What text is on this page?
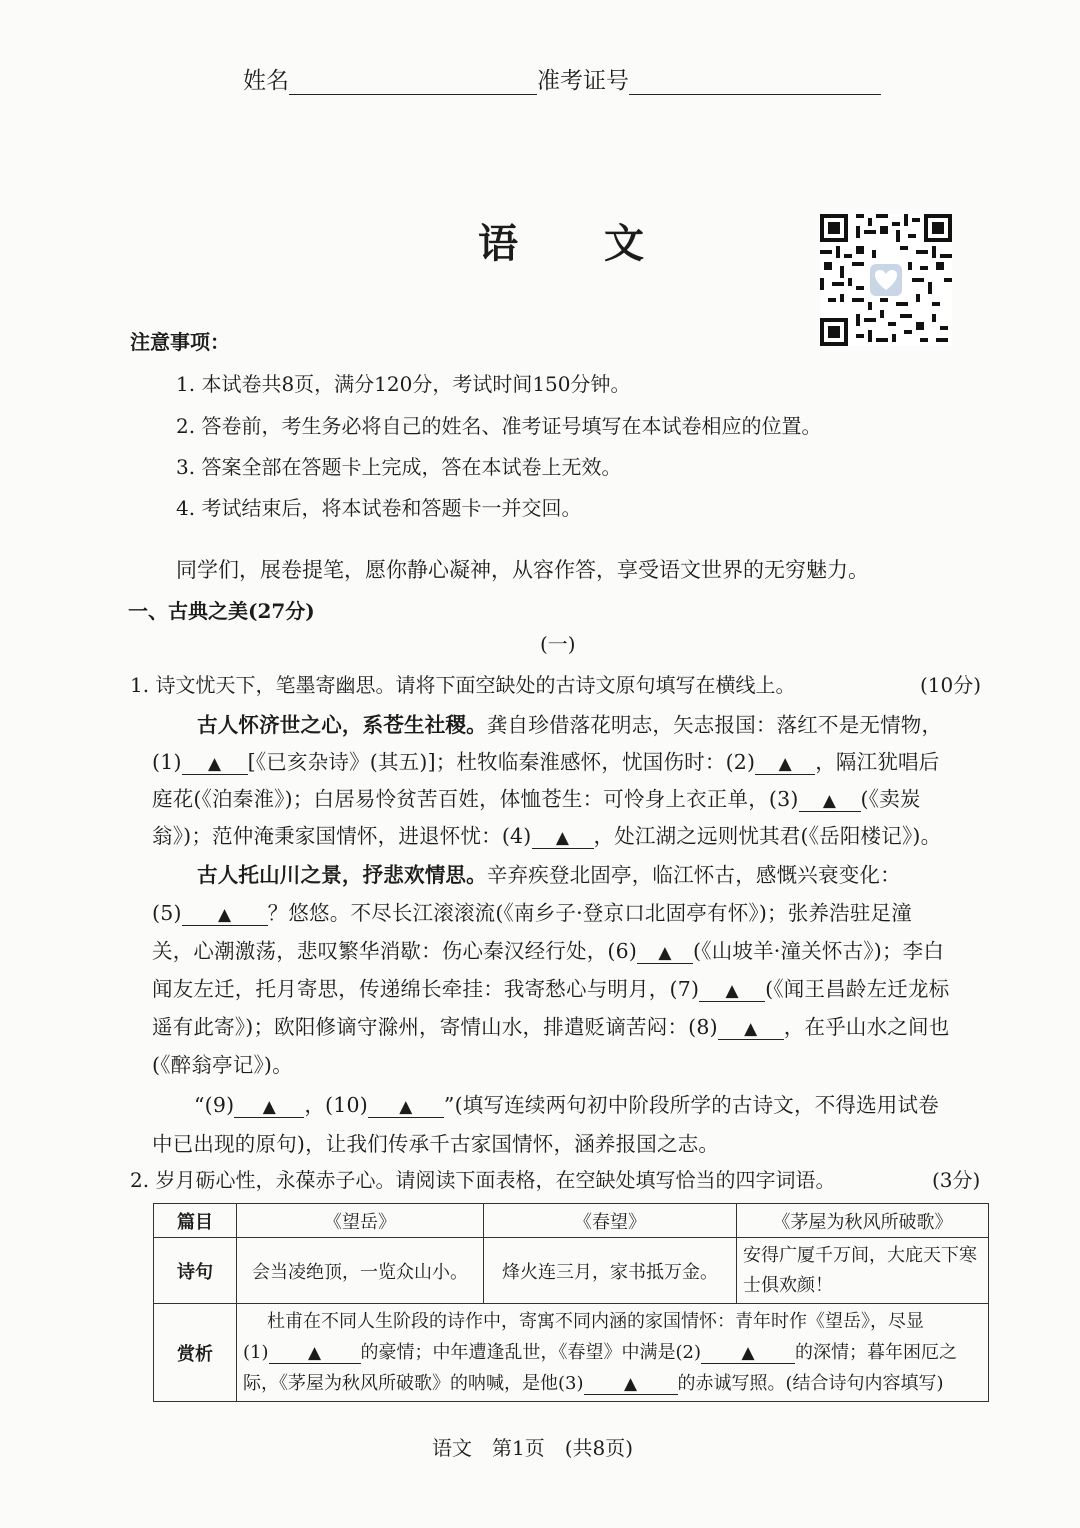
姓名	准考证号
语文
注意事项：
1. 本试卷共8页，满分120分，考试时间150分钟。
2. 答卷前，考生务必将自己的姓名、准考证号填写在本试卷相应的位置。
3. 答案全部在答题卡上完成，答在本试卷上无效。
4. 考试结束后，将本试卷和答题卡一并交回。
同学们，展卷提笔，愿你静心凝神，从容作答，享受语文世界的无穷魅力。
一、古典之美(27分)
(一)
1. 诗文忧天下，笔墨寄幽思。请将下面空缺处的古诗文原句填写在横线上。	(10分)
古人怀济世之心，系苍生社稷。龚自珍借落花明志，矢志报国：落红不是无情物，
(1) ▲ [《已亥杂诗》(其五)]；杜牧临秦淮感怀，忧国伤时：(2) ▲ ，隔江犹唱后
庭花(《泊秦淮》)；白居易怜贫苦百姓，体恤苍生：可怜身上衣正单，(3) ▲ (《卖炭
翁》)；范仲淹秉家国情怀，进退怀忧：(4) ▲ ，处江湖之远则忧其君(《岳阳楼记》)。
古人托山川之景，抒悲欢情思。辛弃疾登北固亭，临江怀古，感慨兴衰变化：
(5) ▲ ？悠悠。不尽长江滚滚流(《南乡子·登京口北固亭有怀》)；张养浩驻足潼
关，心潮激荡，悲叹繁华消歇：伤心秦汉经行处，(6) ▲ (《山坡羊·潼关怀古》)；李白
闻友左迁，托月寄思，传递绵长牵挂：我寄愁心与明月，(7) ▲ (《闻王昌龄左迁龙标
遥有此寄》)；欧阳修谪守滁州，寄情山水，排遣贬谪苦闷：(8) ▲ ，在乎山水之间也
(《醉翁亭记》)。
“(9) ▲ ，(10) ▲ ”(填写连续两句初中阶段所学的古诗文，不得选用试卷
中已出现的原句)，让我们传承千古家国情怀，涵养报国之志。
2. 岁月砺心性，永葆赤子心。请阅读下面表格，在空缺处填写恰当的四字词语。	(3分)
篇目	《望岳》	《春望》	《茅屋为秋风所破歌》
诗句	会当凌绝顶，一览众山小。	烽火连三月，家书抵万金。	安得广厦千万间，大庇天下寒士俱欢颜！
赏析	杜甫在不同人生阶段的诗作中，寄寓不同内涵的家国情怀：青年时作《望岳》，尽显
(1) ▲ 的豪情；中年遭逢乱世，《春望》中满是(2) ▲ 的深情；暮年困厄之
际，《茅屋为秋风所破歌》的呐喊，是他(3) ▲ 的赤诚写照。(结合诗句内容填写)		
语文　第1页　(共8页)
